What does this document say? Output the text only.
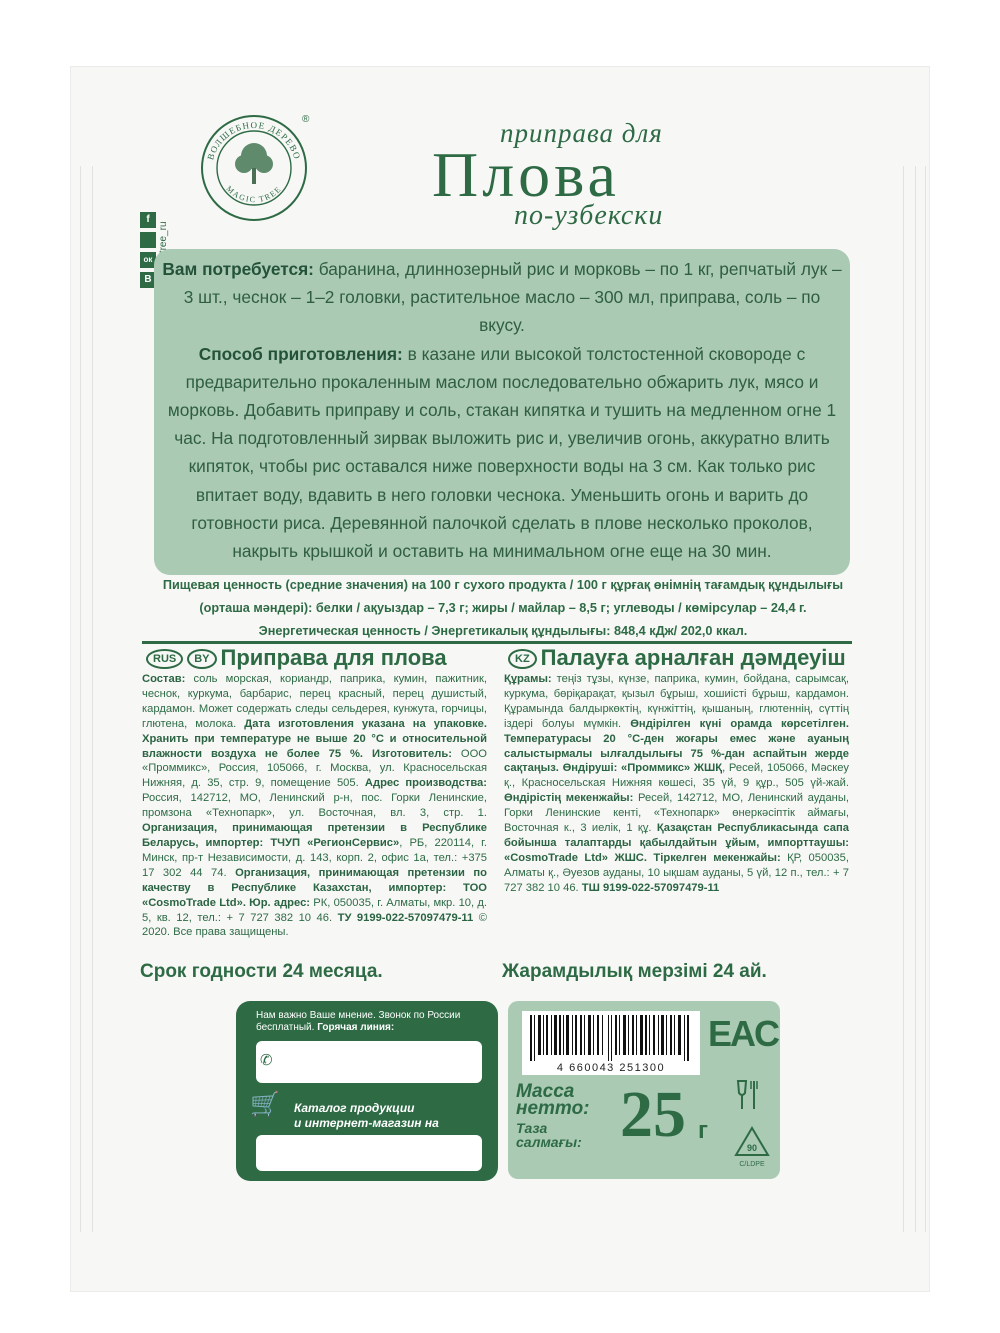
В
ок
f
ВОЛШЕБНОЕ ДЕРЕВО
MAGIC TREE
®	приправа для
Плова
по-узбекски

Вам потребуется: баранина, длиннозерный рис и морковь – по 1 кг, репчатый лук – 3 шт., чеснок – 1–2 головки, растительное масло – 300 мл, приправа, соль – по вкусу.

Способ приготовления: в казане или высокой толстостенной сковороде с предварительно прокаленным маслом последовательно обжарить лук, мясо и морковь. Добавить приправу и соль, стакан кипятка и тушить на медленном огне 1 час. На подготовленный зирвак выложить рис и, увеличив огонь, аккуратно влить кипяток, чтобы рис оставался ниже поверхности воды на 3 см. Как только рис впитает воду, вдавить в него головки чеснока. Уменьшить огонь и варить до готовности риса. Деревянной палочкой сделать в плове несколько проколов, накрыть крышкой и оставить на минимальном огне еще на 30 мин.

Пищевая ценность (средние значения) на 100 г сухого продукта / 100 г құрғақ өнімнің тағамдық құндылығы (орташа мәндері): белки / ақуыздар – 7,3 г; жиры / майлар – 8,5 г; углеводы / көмірсулар – 24,4 г. Энергетическая ценность / Энергетикалық құндылығы: 848,4 кДж/ 202,0 ккал.
RUS BY Приправа для плова
Состав: соль морская, кориандр, паприка, кумин, пажитник, чеснок, куркума, барбарис, перец красный, перец душистый, кардамон. Может содержать следы сельдерея, кунжута, горчицы, глютена, молока. Дата изготовления указана на упаковке. Хранить при температуре не выше 20 °С и относительной влажности воздуха не более 75 %. Изготовитель: ООО «Проммикс», Россия, 105066, г. Москва, ул. Красносельская Нижняя, д. 35, стр. 9, помещение 505. Адрес производства: Россия, 142712, МО, Ленинский р-н, пос. Горки Ленинские, промзона «Технопарк», ул. Восточная, вл. 3, стр. 1. Организация, принимающая претензии в Республике Беларусь, импортер: ТЧУП «РегионСервис», РБ, 220114, г. Минск, пр-т Независимости, д. 143, корп. 2, офис 1а, тел.: +375 17 302 44 74. Организация, принимающая претензии по качеству в Республике Казахстан, импортер: ТОО «CosmoTrade Ltd». Юр. адрес: РК, 050035, г. Алматы, мкр. 10, д. 5, кв. 12, тел.: + 7 727 382 10 46. ТУ 9199-022-57097479-11 © 2020. Все права защищены.
KZ Палауға арналған дәмдеуіш
Құрамы: теңіз тұзы, күнзе, паприка, кумин, бойдана, сарымсақ, куркума, бөріқарақат, қызыл бұрыш, хошиісті бұрыш, кардамон. Құрамында балдыркөктің, күнжіттің, қышаның, глютеннің, сүттің іздері болуы мүмкін. Өндірілген күні орамда көрсетілген. Температурасы 20 °С-ден жоғары емес және ауаның салыстырмалы ылғалдылығы 75 %-дан аспайтын жерде сақтаңыз. Өндіруші: «Проммикс» ЖШҚ, Ресей, 105066, Мәскеу қ., Красносельская Нижняя көшесі, 35 үй, 9 құр., 505 үй-жай. Өндірістің мекенжайы: Ресей, 142712, МО, Ленинский ауданы, Горки Ленинские кенті, «Технопарк» өнеркәсіптік аймағы, Восточная к., 3 иелік, 1 құ. Қазақстан Республикасында сапа бойынша талаптарды қабылдайтын ұйым, импорттаушы: «CosmoTrade Ltd» ЖШС. Тіркелген мекенжайы: ҚР, 050035, Алматы қ., Әуезов ауданы, 10 ықшам ауданы, 5 үй, 12 п., тел.: + 7 727 382 10 46. ТШ 9199-022-57097479-11
Срок годности 24 месяца.	Жарамдылық мерзімі 24 ай.
Нам важно Ваше мнение. Звонок по России бесплатный. Горячая линия:
✆
🛒 Каталог продукции
и интернет-магазин на
4 660043 251300
EAC
Масса
нетто:
Таза
салмағы: 25 г
90
C/LDPE
